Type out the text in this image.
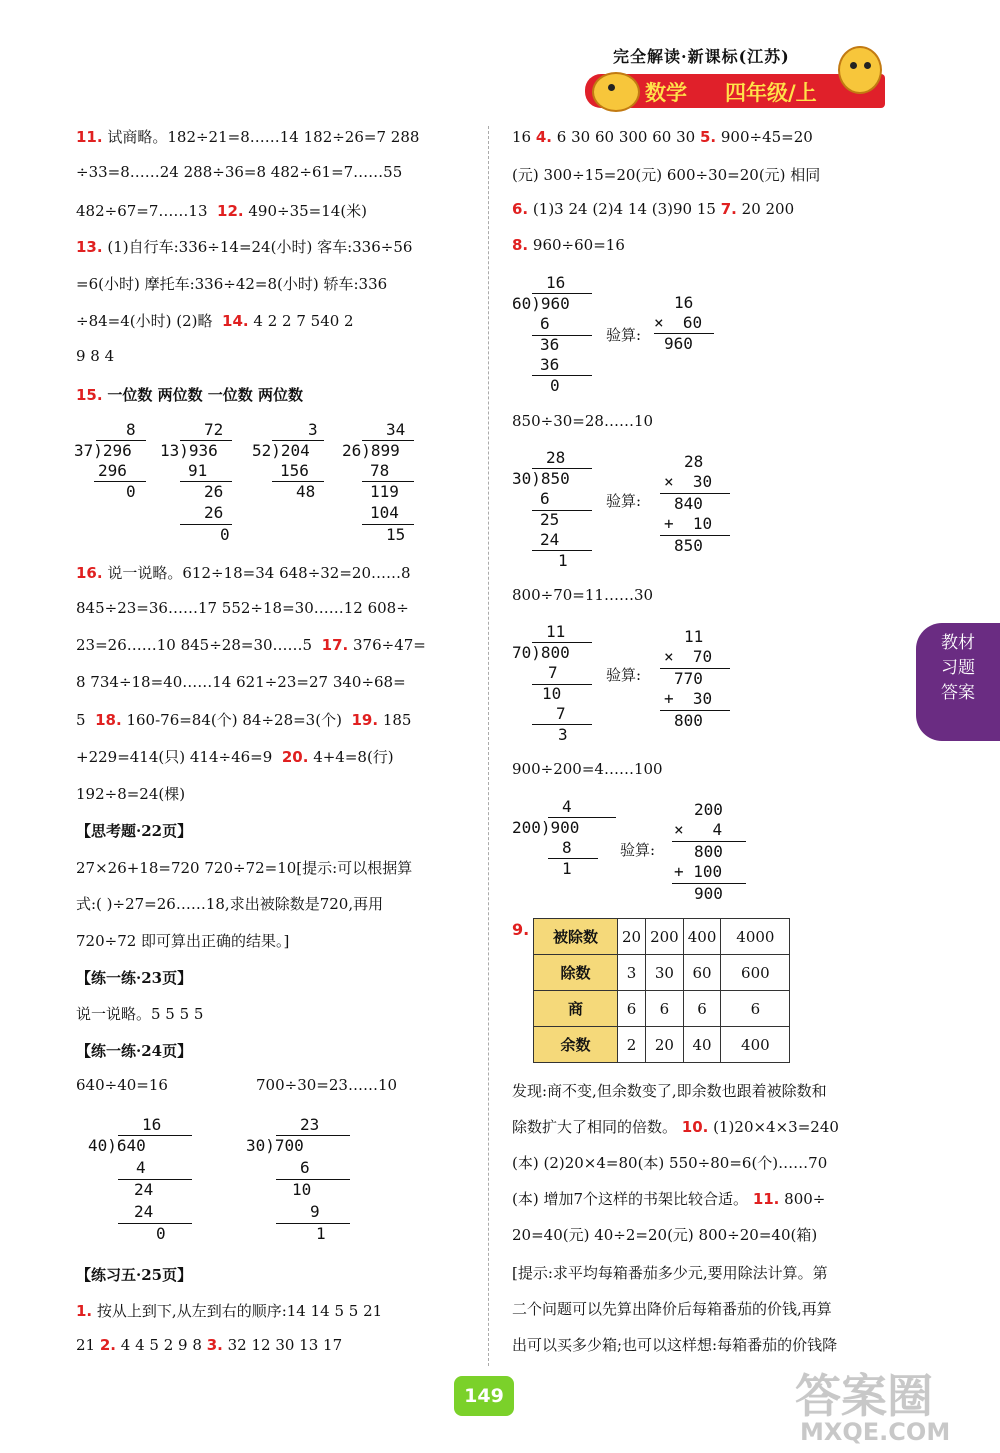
完全解读·新课标(江苏)
数学 四年级/上
11. 试商略。182÷21=8……14 182÷26=7 288
÷33=8……24 288÷36=8 482÷61=7……55
482÷67=7……13 12. 490÷35=14(米)
13. (1)自行车:336÷14=24(小时) 客车:336÷56
=6(小时) 摩托车:336÷42=8(小时) 轿车:336
÷84=4(小时) (2)略 14. 4 2 2 7 540 2
9 8 4
15. 一位数 两位数 一位数 两位数
8
37)296
296
0
72
13)936
91
26
26
0
3
52)204
156
48
34
26)899
78
119
104
15
16. 说一说略。612÷18=34 648÷32=20……8
845÷23=36……17 552÷18=30……12 608÷
23=26……10 845÷28=30……5 17. 376÷47=
8 734÷18=40……14 621÷23=27 340÷68=
5 18. 160-76=84(个) 84÷28=3(个) 19. 185
+229=414(只) 414÷46=9 20. 4+4=8(行)
192÷8=24(棵)
【思考题·22页】
27×26+18=720 720÷72=10[提示:可以根据算
式:( )÷27=26……18,求出被除数是720,再用
720÷72 即可算出正确的结果。]
【练一练·23页】
说一说略。5 5 5 5
【练一练·24页】
640÷40=16	700÷30=23……10
16
40)640
4
24
24
0
23
30)700
6
10
9
1
【练习五·25页】
1. 按从上到下,从左到右的顺序:14 14 5 5 21
21 2. 4 4 5 2 9 8 3. 32 12 30 13 17
16 4. 6 30 60 300 60 30 5. 900÷45=20
(元) 300÷15=20(元) 600÷30=20(元) 相同
6. (1)3 24 (2)4 14 (3)90 15 7. 20 200
8. 960÷60=16
16
60)960
6
36
36
0
验算:
16
×  60
960
850÷30=28……10
28
30)850
6
25
24
1
验算:
28
×  30
840
+  10
850
800÷70=11……30
11
70)800
7
10
7
3
验算:
11
×  70
770
+  30
800
900÷200=4……100
4
200)900
8
1
验算:
200
×   4
800
+ 100
900
9. 被除数	20	200	400	4000
除数	3	30	60	600
商	6	6	6	6
余数	2	20	40	400
发现:商不变,但余数变了,即余数也跟着被除数和
除数扩大了相同的倍数。 10. (1)20×4×3=240
(本) (2)20×4=80(本) 550÷80=6(个)……70
(本) 增加7个这样的书架比较合适。 11. 800÷
20=40(元) 40÷2=20(元) 800÷20=40(箱)
[提示:求平均每箱番茄多少元,要用除法计算。第
二个问题可以先算出降价后每箱番茄的价钱,再算
出可以买多少箱;也可以这样想:每箱番茄的价钱降
教材习题答案
149	答案圈
MXQE.COM
